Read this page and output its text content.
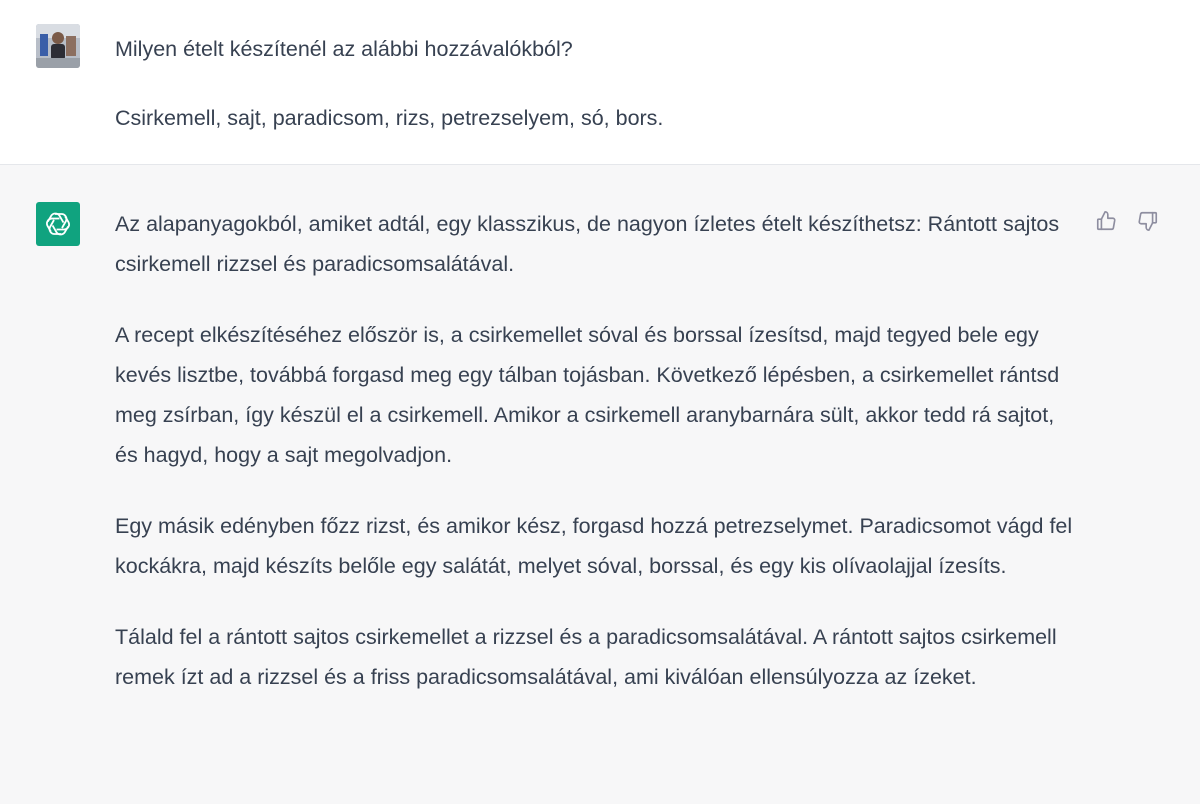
Milyen ételt készítenél az alábbi hozzávalókból?

Csirkemell, sajt, paradicsom, rizs, petrezselyem, só, bors.

Az alapanyagokból, amiket adtál, egy klasszikus, de nagyon ízletes ételt készíthetsz: Rántott sajtos csirkemell rizzsel és paradicsomsalátával.

A recept elkészítéséhez először is, a csirkemellet sóval és borssal ízesítsd, majd tegyed bele egy kevés lisztbe, továbbá forgasd meg egy tálban tojásban. Következő lépésben, a csirkemellet rántsd meg zsírban, így készül el a csirkemell. Amikor a csirkemell aranybarnára sült, akkor tedd rá sajtot, és hagyd, hogy a sajt megolvadjon.

Egy másik edényben főzz rizst, és amikor kész, forgasd hozzá petrezselymet. Paradicsomot vágd fel kockákra, majd készíts belőle egy salátát, melyet sóval, borssal, és egy kis olívaolajjal ízesíts.

Tálald fel a rántott sajtos csirkemellet a rizzsel és a paradicsomsalátával. A rántott sajtos csirkemell remek ízt ad a rizzsel és a friss paradicsomsalátával, ami kiválóan ellensúlyozza az ízeket.
